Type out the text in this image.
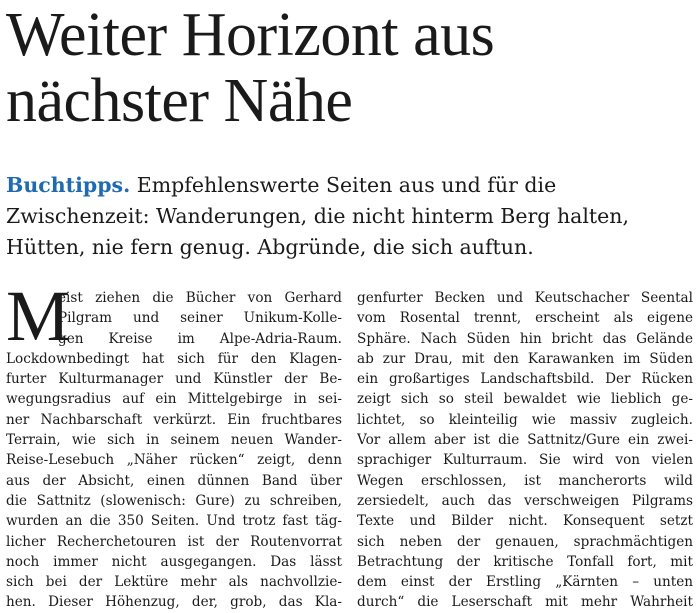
Weiter Horizont aus
nächster Nähe
Buchtipps. Empfehlenswerte Seiten aus und für die
Zwischenzeit: Wanderungen, die nicht hinterm Berg halten,
Hütten, nie fern genug. Abgründe, die sich auftun.
M
eist ziehen die Bücher von Gerhard
Pilgram und seiner Unikum-Kolle-
gen Kreise im Alpe-Adria-Raum.
Lockdownbedingt hat sich für den Klagen-
furter Kulturmanager und Künstler der Be-
wegungsradius auf ein Mittelgebirge in sei-
ner Nachbarschaft verkürzt. Ein fruchtbares
Terrain, wie sich in seinem neuen Wander-
Reise-Lesebuch „Näher rücken“ zeigt, denn
aus der Absicht, einen dünnen Band über
die Sattnitz (slowenisch: Gure) zu schreiben,
wurden an die 350 Seiten. Und trotz fast täg-
licher Recherchetouren ist der Routenvorrat
noch immer nicht ausgegangen. Das lässt
sich bei der Lektüre mehr als nachvollzie-
hen. Dieser Höhenzug, der, grob, das Kla-
genfurter Becken und Keutschacher Seental
vom Rosental trennt, erscheint als eigene
Sphäre. Nach Süden hin bricht das Gelände
ab zur Drau, mit den Karawanken im Süden
ein großartiges Landschaftsbild. Der Rücken
zeigt sich so steil bewaldet wie lieblich ge-
lichtet, so kleinteilig wie massiv zugleich.
Vor allem aber ist die Sattnitz/Gure ein zwei-
sprachiger Kulturraum. Sie wird von vielen
Wegen erschlossen, ist mancherorts wild
zersiedelt, auch das verschweigen Pilgrams
Texte und Bilder nicht. Konsequent setzt
sich neben der genauen, sprachmächtigen
Betrachtung der kritische Tonfall fort, mit
dem einst der Erstling „Kärnten – unten
durch“ die Leserschaft mit mehr Wahrheit
